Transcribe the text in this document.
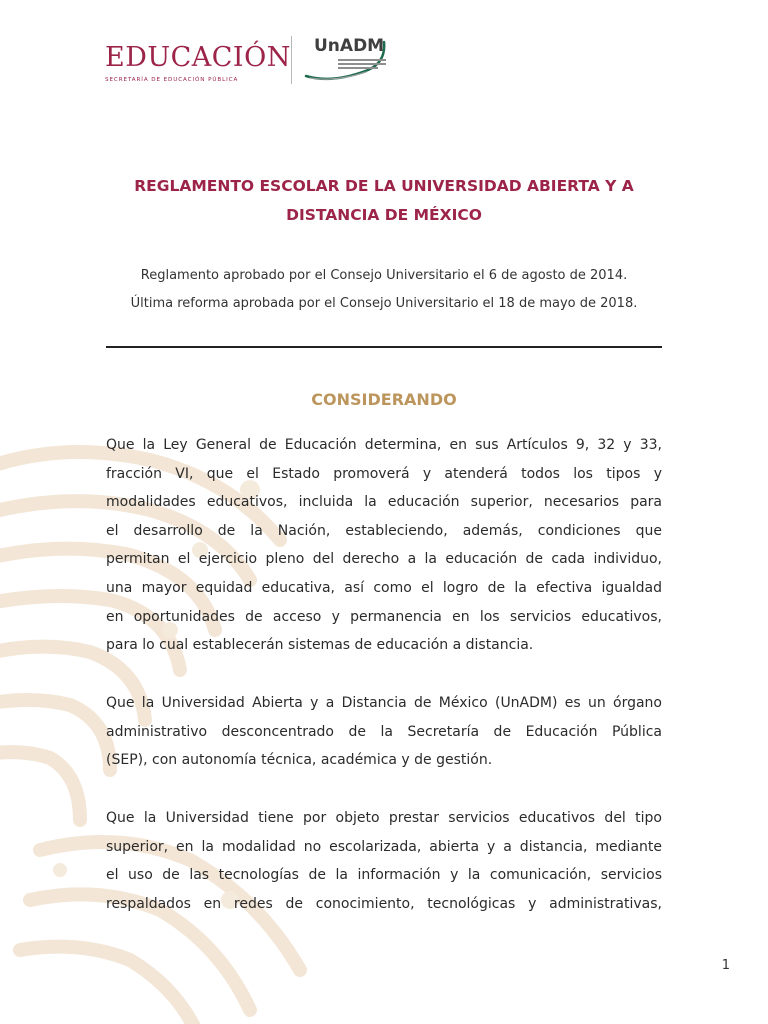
EDUCACIÓN
SECRETARÍA DE EDUCACIÓN PÚBLICA
UnADM
REGLAMENTO ESCOLAR DE LA UNIVERSIDAD ABIERTA Y A
DISTANCIA DE MÉXICO
Reglamento aprobado por el Consejo Universitario el 6 de agosto de 2014.
Última reforma aprobada por el Consejo Universitario el 18 de mayo de 2018.
CONSIDERANDO
Que la Ley General de Educación determina, en sus Artículos 9, 32 y 33,
fracción VI, que el Estado promoverá y atenderá todos los tipos y
modalidades educativos, incluida la educación superior, necesarios para
el desarrollo de la Nación, estableciendo, además, condiciones que
permitan el ejercicio pleno del derecho a la educación de cada individuo,
una mayor equidad educativa, así como el logro de la efectiva igualdad
en oportunidades de acceso y permanencia en los servicios educativos,
para lo cual establecerán sistemas de educación a distancia.
Que la Universidad Abierta y a Distancia de México (UnADM) es un órgano
administrativo desconcentrado de la Secretaría de Educación Pública
(SEP), con autonomía técnica, académica y de gestión.
Que la Universidad tiene por objeto prestar servicios educativos del tipo
superior, en la modalidad no escolarizada, abierta y a distancia, mediante
el uso de las tecnologías de la información y la comunicación, servicios
respaldados en redes de conocimiento, tecnológicas y administrativas,
1
